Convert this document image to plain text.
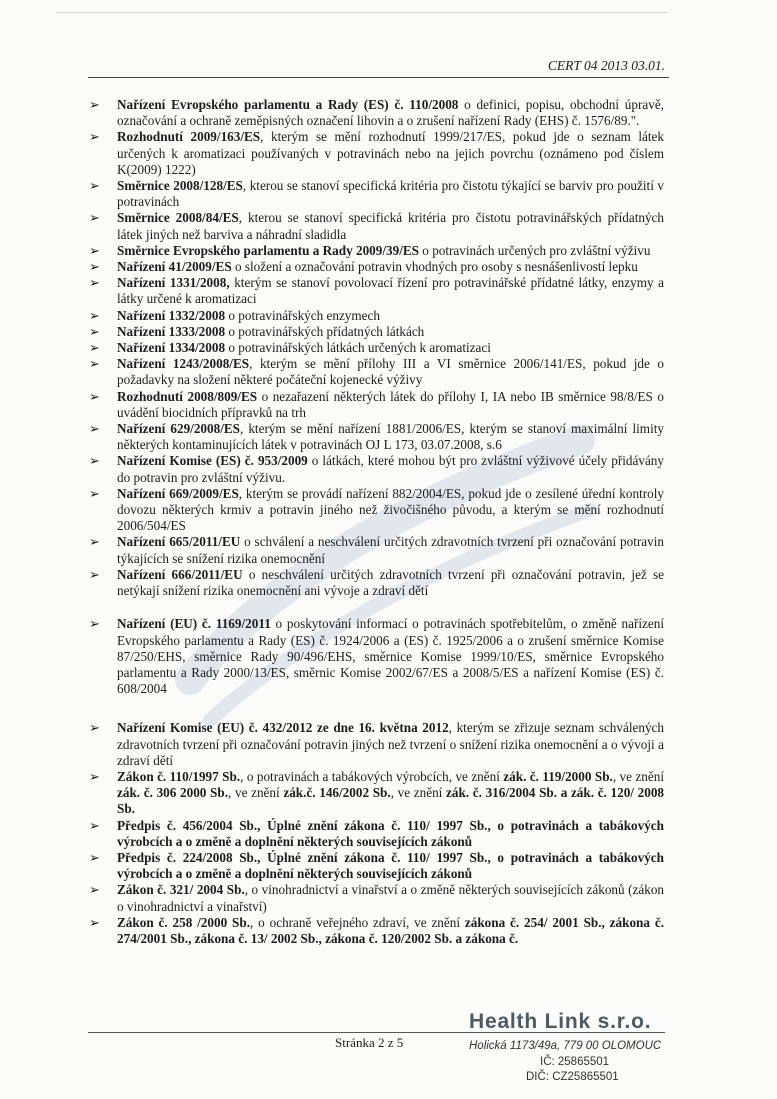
CERT 04 2013 03.01.
➢ Nařízení Evropského parlamentu a Rady (ES) č. 110/2008 o definici, popisu, obchodní úpravě, označování a ochraně zeměpisných označení lihovin a o zrušení nařízení Rady (EHS) č. 1576/89.".
➢ Rozhodnutí 2009/163/ES, kterým se mění rozhodnutí 1999/217/ES, pokud jde o seznam látek určených k aromatizaci používaných v potravinách nebo na jejich povrchu (oznámeno pod číslem K(2009) 1222)
➢ Směrnice 2008/128/ES, kterou se stanoví specifická kritéria pro čistotu týkající se barviv pro použití v potravinách
➢ Směrnice 2008/84/ES, kterou se stanoví specifická kritéria pro čistotu potravinářských přídatných látek jiných než barviva a náhradní sladidla
➢ Směrnice Evropského parlamentu a Rady 2009/39/ES o potravinách určených pro zvláštní výživu
➢ Nařízení 41/2009/ES o složení a označování potravin vhodných pro osoby s nesnášenlivostí lepku
➢ Nařízení 1331/2008, kterým se stanoví povolovací řízení pro potravinářské přídatné látky, enzymy a látky určené k aromatizaci
➢ Nařízení 1332/2008 o potravinářských enzymech
➢ Nařízení 1333/2008 o potravinářských přídatných látkách
➢ Nařízení 1334/2008 o potravinářských látkách určených k aromatizaci
➢ Nařízení 1243/2008/ES, kterým se mění přílohy III a VI směrnice 2006/141/ES, pokud jde o požadavky na složení některé počáteční kojenecké výživy
➢ Rozhodnutí 2008/809/ES o nezařazení některých látek do přílohy I, IA nebo IB směrnice 98/8/ES o uvádění biocidních přípravků na trh
➢ Nařízení 629/2008/ES, kterým se mění nařízení 1881/2006/ES, kterým se stanoví maximální limity některých kontaminujících látek v potravinách OJ L 173, 03.07.2008, s.6
➢ Nařízení Komise (ES) č. 953/2009 o látkách, které mohou být pro zvláštní výživové účely přidávány do potravin pro zvláštní výživu.
➢ Nařízení 669/2009/ES, kterým se provádí nařízení 882/2004/ES, pokud jde o zesílené úřední kontroly dovozu některých krmiv a potravin jiného než živočišného původu, a kterým se mění rozhodnutí 2006/504/ES
➢ Nařízení 665/2011/EU o schválení a neschválení určitých zdravotních tvrzení při označování potravin týkajících se snížení rizika onemocnění
➢ Nařízení 666/2011/EU o neschválení určitých zdravotních tvrzení při označování potravin, jež se netýkají snížení rizika onemocnění ani vývoje a zdraví dětí
➢ Nařízení (EU) č. 1169/2011 o poskytování informací o potravinách spotřebitelům, o změně nařízení Evropského parlamentu a Rady (ES) č. 1924/2006 a (ES) č. 1925/2006 a o zrušení směrnice Komise 87/250/EHS, směrnice Rady 90/496/EHS, směrnice Komise 1999/10/ES, směrnice Evropského parlamentu a Rady 2000/13/ES, směrnic Komise 2002/67/ES a 2008/5/ES a nařízení Komise (ES) č. 608/2004
➢ Nařízení Komise (EU) č. 432/2012 ze dne 16. května 2012, kterým se zřizuje seznam schválených zdravotních tvrzení při označování potravin jiných než tvrzení o snížení rizika onemocnění a o vývoji a zdraví dětí
➢ Zákon č. 110/1997 Sb., o potravinách a tabákových výrobcích, ve znění zák. č. 119/2000 Sb., ve znění zák. č. 306 2000 Sb., ve znění zák.č. 146/2002 Sb., ve znění zák. č. 316/2004 Sb. a zák. č. 120/ 2008 Sb.
➢ Předpis č. 456/2004 Sb., Úplné znění zákona č. 110/ 1997 Sb., o potravinách a tabákových výrobcích a o změně a doplnění některých souvisejících zákonů
➢ Předpis č. 224/2008 Sb., Úplné znění zákona č. 110/ 1997 Sb., o potravinách a tabákových výrobcích a o změně a doplnění některých souvisejících zákonů
➢ Zákon č. 321/ 2004 Sb., o vinohradnictví a vinařství a o změně některých souvisejících zákonů (zákon o vinohradnictví a vinařství)
➢ Zákon č. 258 /2000 Sb., o ochraně veřejného zdraví, ve znění zákona č. 254/ 2001 Sb., zákona č. 274/2001 Sb., zákona č. 13/ 2002 Sb., zákona č. 120/2002 Sb. a zákona č.
Stránka 2 z 5
Health Link s.r.o.
Holická 1173/49a, 779 00 OLOMOUC
IČ: 25865501
DIČ: CZ25865501
